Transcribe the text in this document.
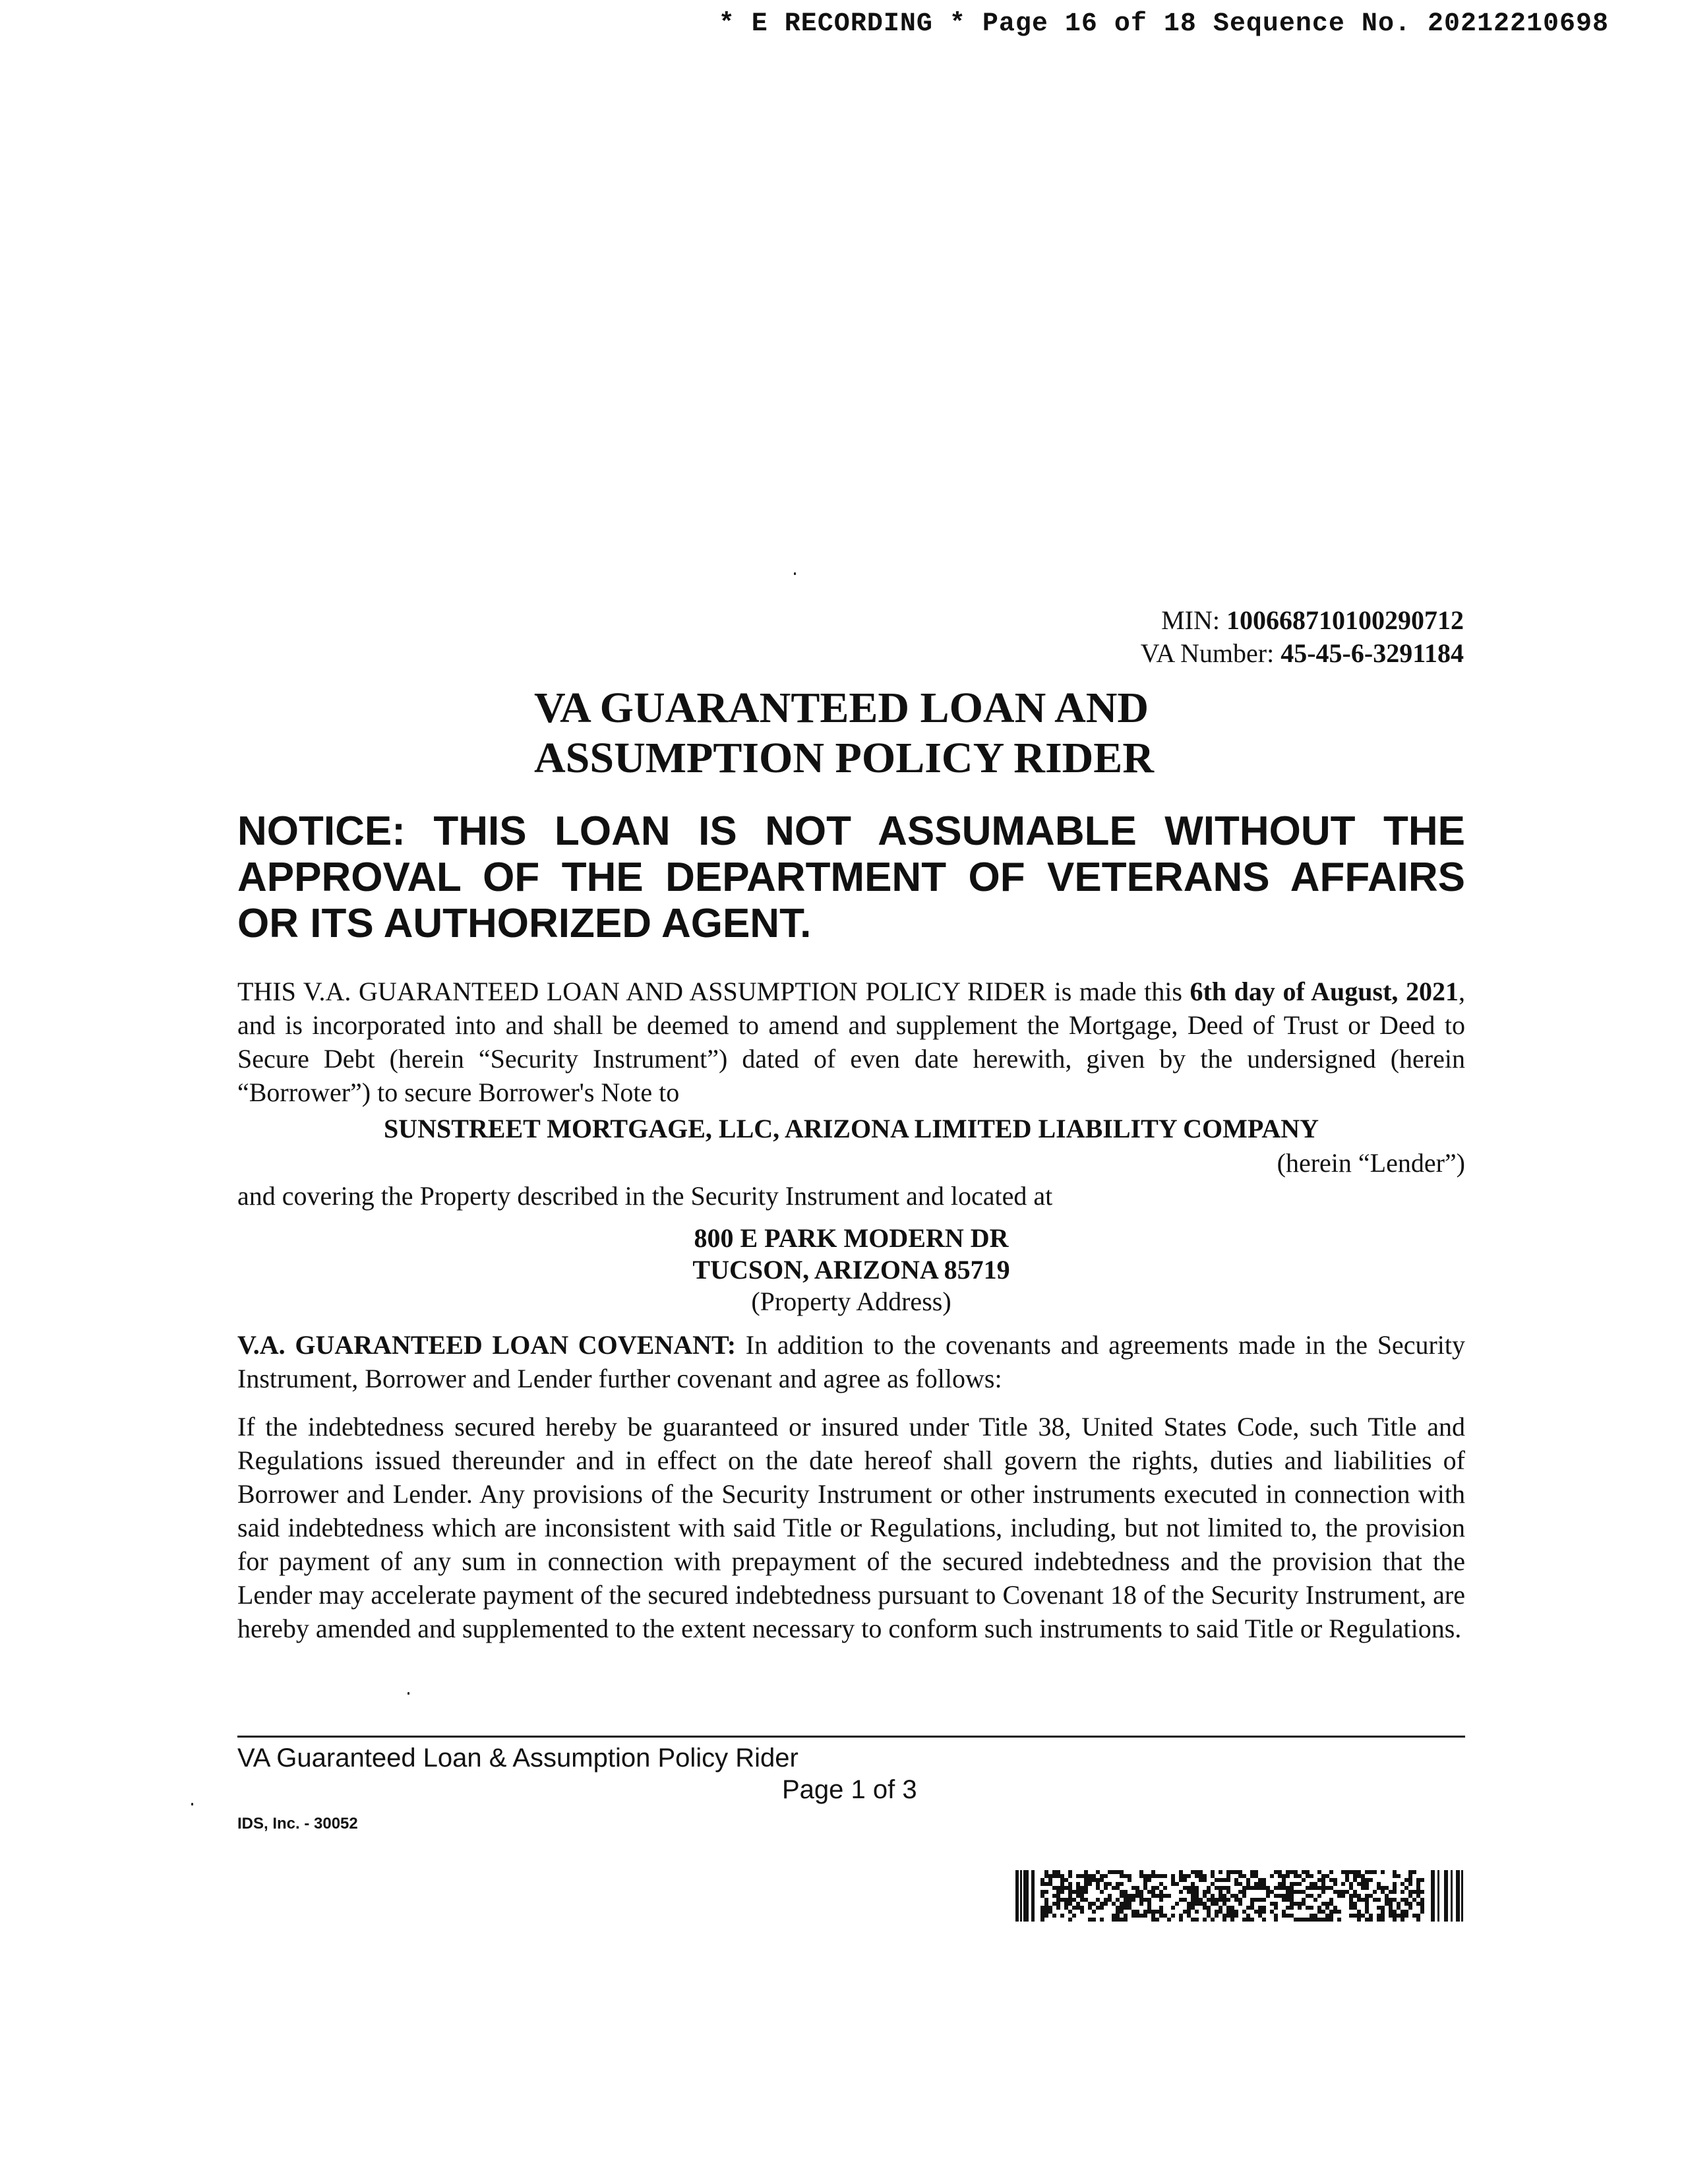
* E RECORDING * Page 16 of 18 Sequence No. 20212210698
MIN: 100668710100290712
VA Number: 45-45-6-3291184
VA GUARANTEED LOAN AND
ASSUMPTION POLICY RIDER
NOTICE: THIS LOAN IS NOT ASSUMABLE WITHOUT THE APPROVAL OF THE DEPARTMENT OF VETERANS AFFAIRS OR ITS AUTHORIZED AGENT.
THIS V.A. GUARANTEED LOAN AND ASSUMPTION POLICY RIDER is made this 6th day of August, 2021, and is incorporated into and shall be deemed to amend and supplement the Mortgage, Deed of Trust or Deed to Secure Debt (herein “Security Instrument”) dated of even date herewith, given by the undersigned (herein “Borrower”) to secure Borrower's Note to
SUNSTREET MORTGAGE, LLC, ARIZONA LIMITED LIABILITY COMPANY
(herein “Lender”)
and covering the Property described in the Security Instrument and located at
800 E PARK MODERN DR
TUCSON, ARIZONA 85719
(Property Address)
V.A. GUARANTEED LOAN COVENANT: In addition to the covenants and agreements made in the Security Instrument, Borrower and Lender further covenant and agree as follows:
If the indebtedness secured hereby be guaranteed or insured under Title 38, United States Code, such Title and Regulations issued thereunder and in effect on the date hereof shall govern the rights, duties and liabilities of Borrower and Lender. Any provisions of the Security Instrument or other instruments executed in connection with said indebtedness which are inconsistent with said Title or Regulations, including, but not limited to, the provision for payment of any sum in connection with prepayment of the secured indebtedness and the provision that the Lender may accelerate payment of the secured indebtedness pursuant to Covenant 18 of the Security Instrument, are hereby amended and supplemented to the extent necessary to conform such instruments to said Title or Regulations.
VA Guaranteed Loan & Assumption Policy Rider
Page 1 of 3
IDS, Inc. - 30052
